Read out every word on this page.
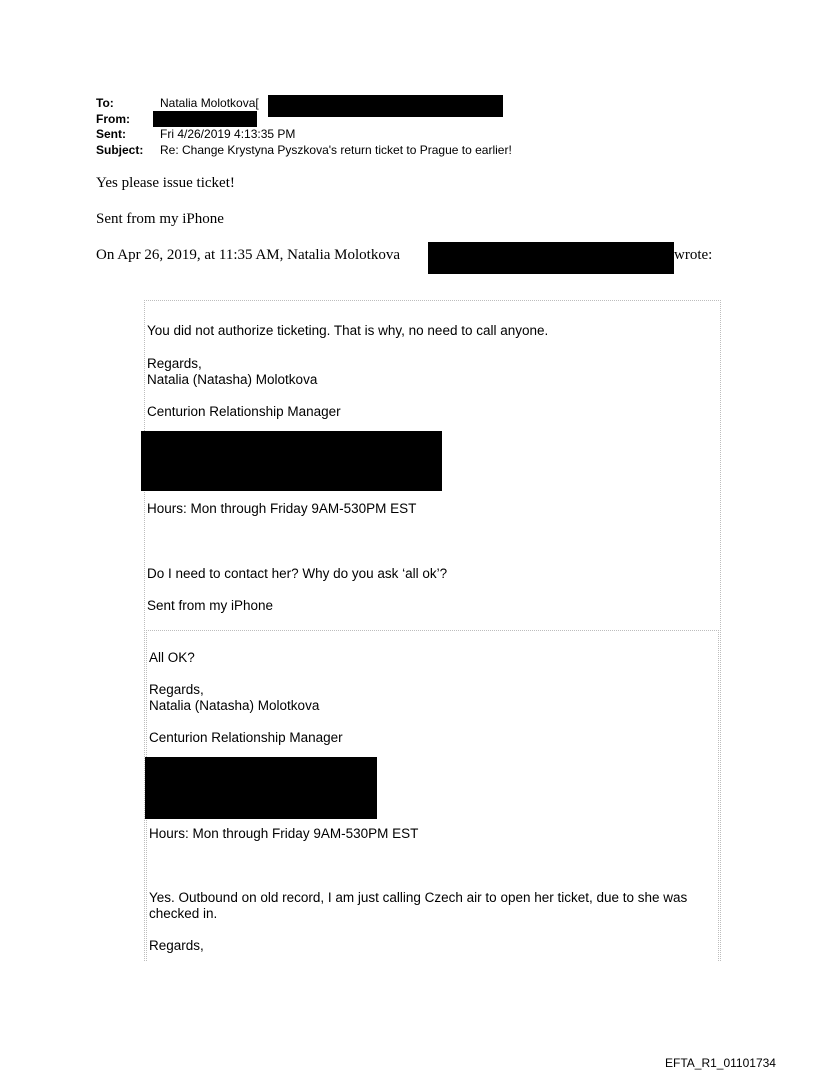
To:	Natalia Molotkova[
From:
Sent:	Fri 4/26/2019 4:13:35 PM
Subject: Re: Change Krystyna Pyszkova's return ticket to Prague to earlier!
Yes please issue ticket!
Sent from my iPhone
On Apr 26, 2019, at 11:35 AM, Natalia Molotkova	wrote:
You did not authorize ticketing. That is why, no need to call anyone.
Regards,
Natalia (Natasha) Molotkova
Centurion Relationship Manager
Hours: Mon through Friday 9AM-530PM EST
Do I need to contact her? Why do you ask ‘all ok’?
Sent from my iPhone
All OK?
Regards,
Natalia (Natasha) Molotkova
Centurion Relationship Manager
Hours: Mon through Friday 9AM-530PM EST
Yes. Outbound on old record, I am just calling Czech air to open her ticket, due to she was
checked in.
Regards,
EFTA_R1_01101734
